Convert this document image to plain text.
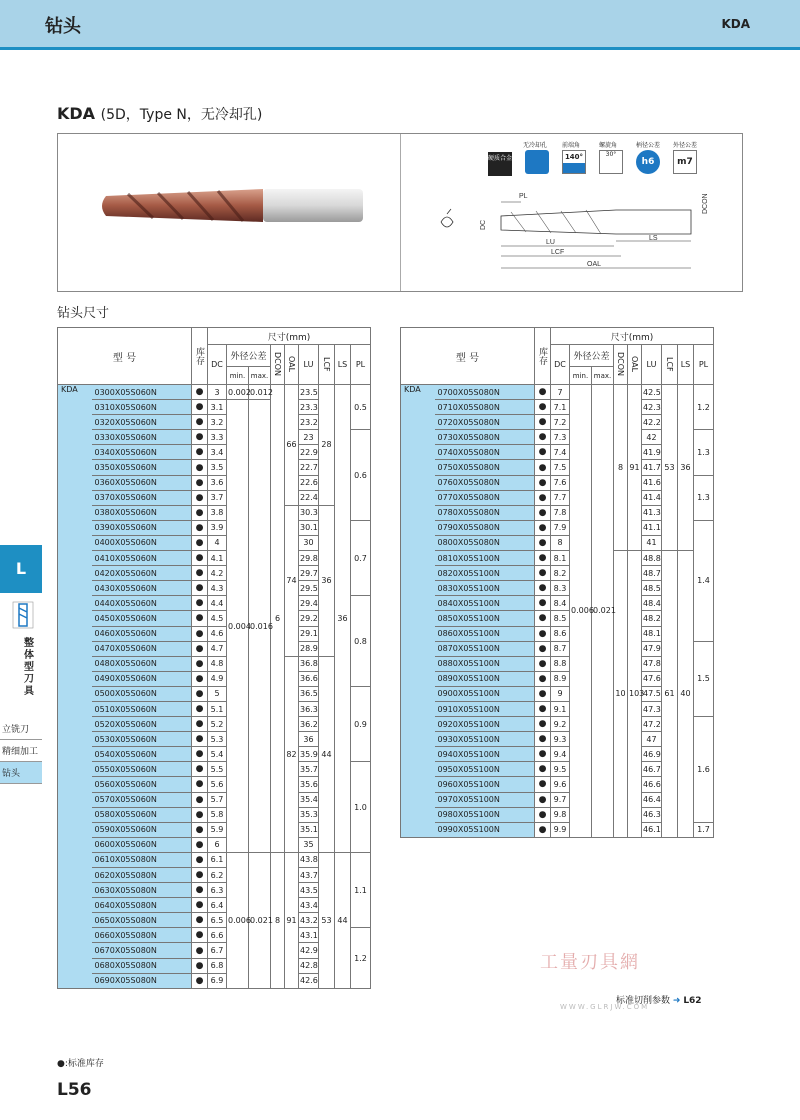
钻头	KDA
KDA (5D，Type N，无冷却孔)
LU
LS
LCF
OAL
PL
DC
DCON
硬质合金	140°	30°
h6	m7
无冷却孔 前端角	螺旋角	柄径公差 外径公差
钻头尺寸
型 号		库存	尺寸(mm)								
			DC	外径公差		DCON	OAL	LU	LCF	LS	PL
				min.	max.						
KDA	0300X05S060N	●	3	0.002	0.012	6	66	23.5	28	36	0.5
	0310X05S060N	●	3.1	0.004	0.016			23.3			
	0320X05S060N	●	3.2					23.2			
	0330X05S060N	●	3.3					23			0.6
	0340X05S060N	●	3.4					22.9			
	0350X05S060N	●	3.5					22.7			
	0360X05S060N	●	3.6					22.6			
	0370X05S060N	●	3.7					22.4			
	0380X05S060N	●	3.8				74	30.3	36		
	0390X05S060N	●	3.9					30.1			0.7
	0400X05S060N	●	4					30			
	0410X05S060N	●	4.1					29.8			
	0420X05S060N	●	4.2					29.7			
	0430X05S060N	●	4.3					29.5			
	0440X05S060N	●	4.4					29.4			0.8
	0450X05S060N	●	4.5					29.2			
	0460X05S060N	●	4.6					29.1			
	0470X05S060N	●	4.7					28.9			
	0480X05S060N	●	4.8				82	36.8	44		
	0490X05S060N	●	4.9					36.6			
	0500X05S060N	●	5					36.5			0.9
	0510X05S060N	●	5.1					36.3			
	0520X05S060N	●	5.2					36.2			
	0530X05S060N	●	5.3					36			
	0540X05S060N	●	5.4					35.9			
	0550X05S060N	●	5.5					35.7			1.0
	0560X05S060N	●	5.6					35.6			
	0570X05S060N	●	5.7					35.4			
	0580X05S060N	●	5.8					35.3			
	0590X05S060N	●	5.9					35.1			
	0600X05S060N	●	6					35			
	0610X05S080N	●	6.1	0.006	0.021	8	91	43.8	53	44	1.1
	0620X05S080N	●	6.2					43.7			
	0630X05S080N	●	6.3					43.5			
	0640X05S080N	●	6.4					43.4			
	0650X05S080N	●	6.5					43.2			
	0660X05S080N	●	6.6					43.1			1.2
	0670X05S080N	●	6.7					42.9			
	0680X05S080N	●	6.8					42.8			
	0690X05S080N	●	6.9					42.6			
型 号		库存	尺寸(mm)								
			DC	外径公差		DCON	OAL	LU	LCF	LS	PL
				min.	max.						
KDA	0700X05S080N	●	7	0.006	0.021	8	91	42.5	53	36	1.2
	0710X05S080N	●	7.1					42.3			
	0720X05S080N	●	7.2					42.2			
	0730X05S080N	●	7.3					42			1.3
	0740X05S080N	●	7.4					41.9			
	0750X05S080N	●	7.5					41.7			
	0760X05S080N	●	7.6					41.6			1.3
	0770X05S080N	●	7.7					41.4			
	0780X05S080N	●	7.8					41.3			
	0790X05S080N	●	7.9					41.1			1.4
	0800X05S080N	●	8					41			
	0810X05S100N	●	8.1			10	103	48.8	61	40	
	0820X05S100N	●	8.2					48.7			
	0830X05S100N	●	8.3					48.5			
	0840X05S100N	●	8.4					48.4			
	0850X05S100N	●	8.5					48.2			
	0860X05S100N	●	8.6					48.1			
	0870X05S100N	●	8.7					47.9			1.5
	0880X05S100N	●	8.8					47.8			
	0890X05S100N	●	8.9					47.6			
	0900X05S100N	●	9					47.5			
	0910X05S100N	●	9.1					47.3			
	0920X05S100N	●	9.2					47.2			1.6
	0930X05S100N	●	9.3					47			
	0940X05S100N	●	9.4					46.9			
	0950X05S100N	●	9.5					46.7			
	0960X05S100N	●	9.6					46.6			
	0970X05S100N	●	9.7					46.4			
	0980X05S100N	●	9.8					46.3			
	0990X05S100N	●	9.9					46.1			1.7
L
整体型刀具
立铣刀
精细加工
钻头
工量刃具網
WWW.GLRJW.COM
标准切削参数 ➜ L62
●:标准库存
L56
